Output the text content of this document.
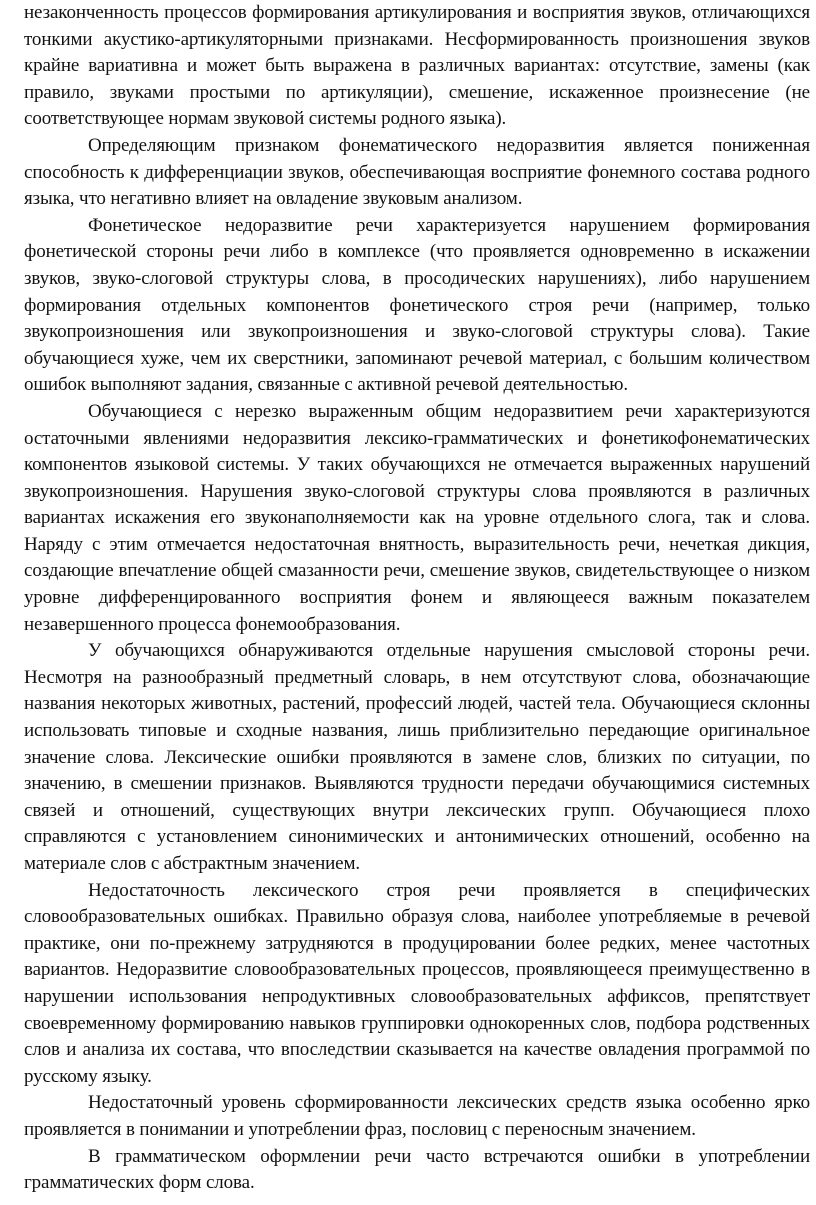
незаконченность процессов формирования артикулирования и восприятия звуков, отличающихся тонкими акустико-артикуляторными признаками. Несформированность произношения звуков крайне вариативна и может быть выражена в различных вариантах: отсутствие, замены (как правило, звуками простыми по артикуляции), смешение, искаженное произнесение (не соответствующее нормам звуковой системы родного языка).

Определяющим признаком фонематического недоразвития является пониженная способность к дифференциации звуков, обеспечивающая восприятие фонемного состава родного языка, что негативно влияет на овладение звуковым анализом.

Фонетическое недоразвитие речи характеризуется нарушением формирования фонетической стороны речи либо в комплексе (что проявляется одновременно в искажении звуков, звуко-слоговой структуры слова, в просодических нарушениях), либо нарушением формирования отдельных компонентов фонетического строя речи (например, только звукопроизношения или звукопроизношения и звуко-слоговой структуры слова). Такие обучающиеся хуже, чем их сверстники, запоминают речевой материал, с большим количеством ошибок выполняют задания, связанные с активной речевой деятельностью.

Обучающиеся с нерезко выраженным общим недоразвитием речи характеризуются остаточными явлениями недоразвития лексико-грамматических и фонетикофонематических компонентов языковой системы. У таких обучающихся не отмечается выраженных нарушений звукопроизношения. Нарушения звуко-слоговой структуры слова проявляются в различных вариантах искажения его звуконаполняемости как на уровне отдельного слога, так и слова. Наряду с этим отмечается недостаточная внятность, выразительность речи, нечеткая дикция, создающие впечатление общей смазанности речи, смешение звуков, свидетельствующее о низком уровне дифференцированного восприятия фонем и являющееся важным показателем незавершенного процесса фонемообразования.

У обучающихся обнаруживаются отдельные нарушения смысловой стороны речи. Несмотря на разнообразный предметный словарь, в нем отсутствуют слова, обозначающие названия некоторых животных, растений, профессий людей, частей тела. Обучающиеся склонны использовать типовые и сходные названия, лишь приблизительно передающие оригинальное значение слова. Лексические ошибки проявляются в замене слов, близких по ситуации, по значению, в смешении признаков. Выявляются трудности передачи обучающимися системных связей и отношений, существующих внутри лексических групп. Обучающиеся плохо справляются с установлением синонимических и антонимических отношений, особенно на материале слов с абстрактным значением.

Недостаточность лексического строя речи проявляется в специфических словообразовательных ошибках. Правильно образуя слова, наиболее употребляемые в речевой практике, они по-прежнему затрудняются в продуцировании более редких, менее частотных вариантов. Недоразвитие словообразовательных процессов, проявляющееся преимущественно в нарушении использования непродуктивных словообразовательных аффиксов, препятствует своевременному формированию навыков группировки однокоренных слов, подбора родственных слов и анализа их состава, что впоследствии сказывается на качестве овладения программой по русскому языку.

Недостаточный уровень сформированности лексических средств языка особенно ярко проявляется в понимании и употреблении фраз, пословиц с переносным значением.

В грамматическом оформлении речи часто встречаются ошибки в употреблении грамматических форм слова.
